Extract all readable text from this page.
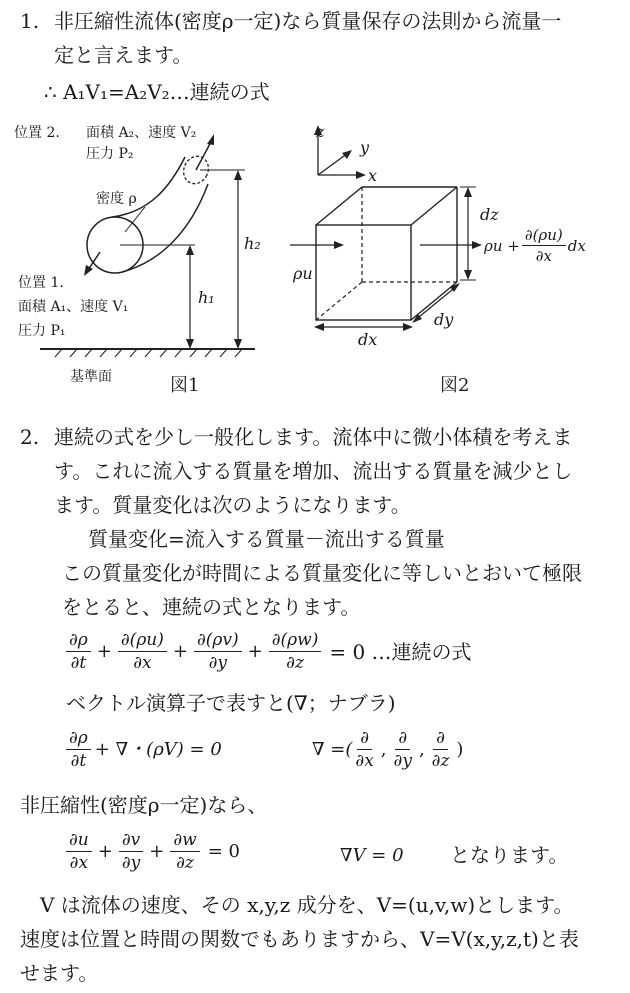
1. 非圧縮性流体(密度ρ一定)なら質量保存の法則から流量一
定と言えます。
∴ A₁V₁=A₂V₂…連続の式
位置 2. 面積 A₂、速度 V₂
圧力 P₂
密度 ρ
位置 1.
面積 A₁、速度 V₁
圧力 P₁
h₁
h₂
基準面	図1
z
y
x
dz
ρu
dx
dy
$\rho u + \frac{\partial(\rho u)}{\partial x}$ dx
図2
2. 連続の式を少し一般化します。流体中に微小体積を考えま
す。これに流入する質量を増加、流出する質量を減少とし
ます。質量変化は次のようになります。
質量変化=流入する質量－流出する質量
この質量変化が時間による質量変化に等しいとおいて極限
をとると、連続の式となります。
$\frac{\partial\rho}{\partial t} + \frac{\partial(\rho u)}{\partial x} + \frac{\partial(\rho v)}{\partial y} + \frac{\partial(\rho w)}{\partial z} = 0$ …連続の式
ベクトル演算子で表すと(∇；ナブラ)
$\frac{\partial\rho}{\partial t}$ + ∇・(ρV) = 0	∇ =( $\frac{\partial}{\partial x}$ , $\frac{\partial}{\partial y}$ , $\frac{\partial}{\partial z}$ )
非圧縮性(密度ρ一定)なら、
$\frac{\partial u}{\partial x} + \frac{\partial v}{\partial y} + \frac{\partial w}{\partial z} = 0$	∇V = 0 となります。
V は流体の速度、その x,y,z 成分を、V=(u,v,w)とします。
速度は位置と時間の関数でもありますから、V=V(x,y,z,t)と表
せます。
